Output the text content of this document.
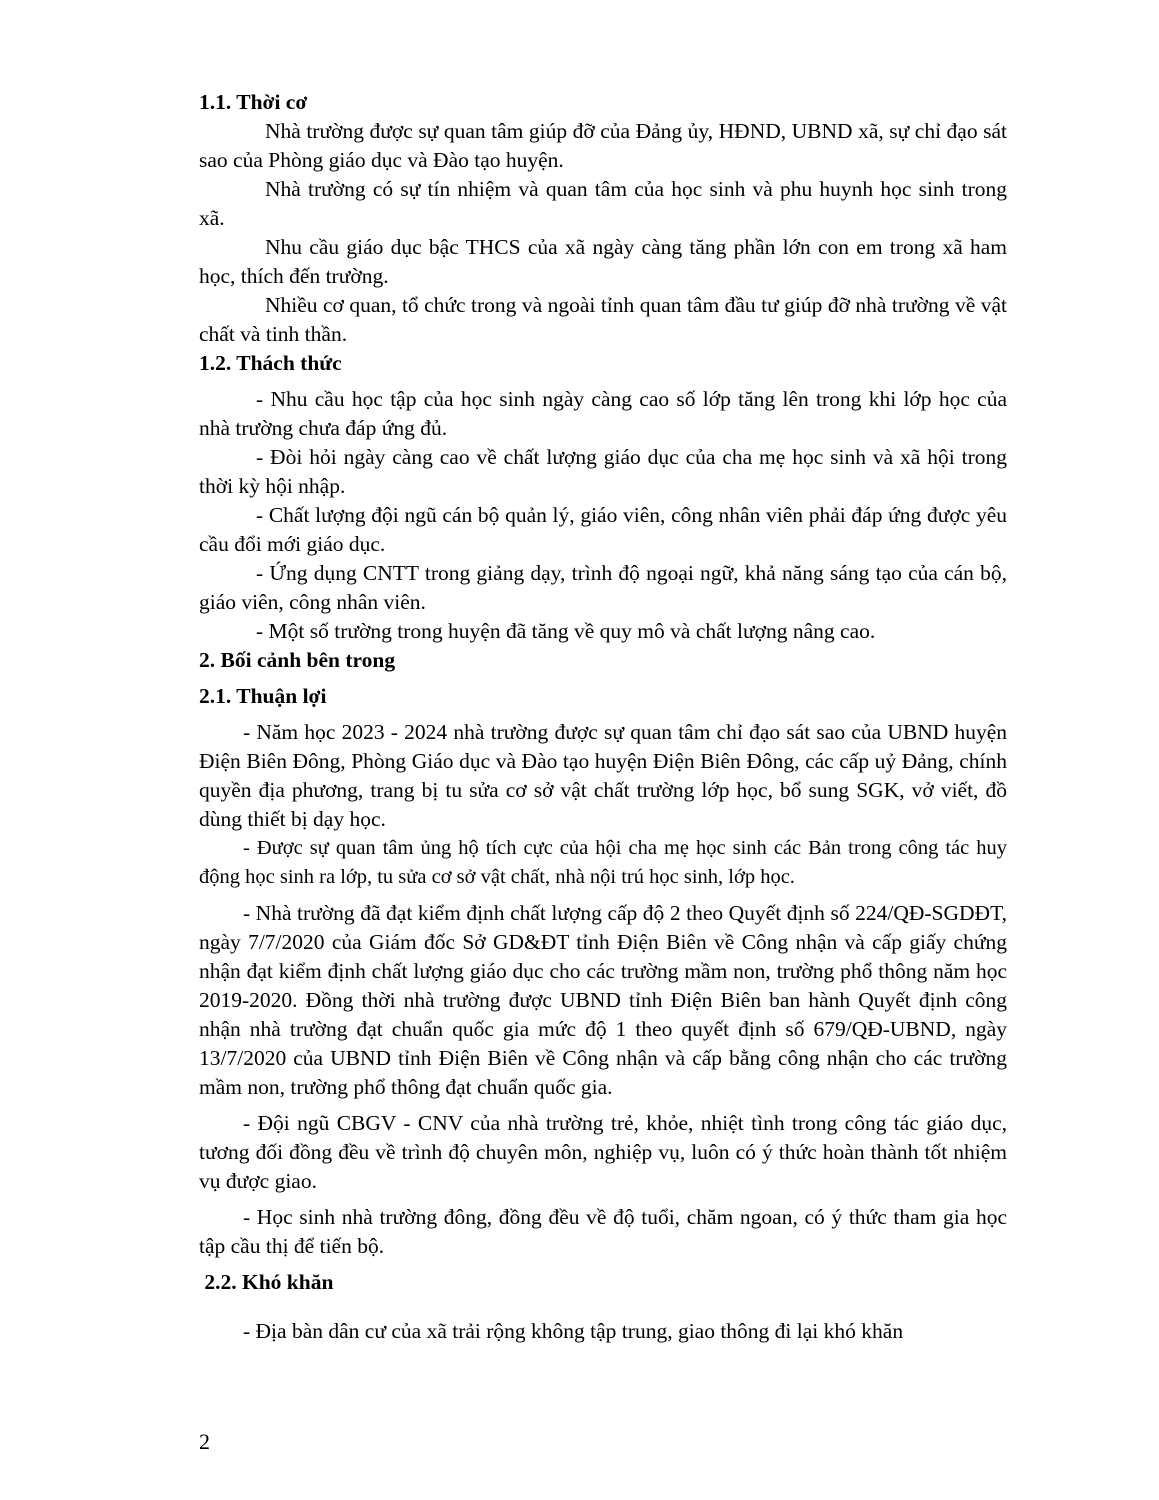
1.1. Thời cơ

Nhà trường được sự quan tâm giúp đỡ của Đảng ủy, HĐND, UBND xã, sự chỉ đạo sát sao của Phòng giáo dục và Đào tạo huyện.

Nhà trường có sự tín nhiệm và quan tâm của học sinh và phu huynh học sinh trong xã.

Nhu cầu giáo dục bậc THCS của xã ngày càng tăng phần lớn con em trong xã ham học, thích đến trường.

Nhiều cơ quan, tổ chức trong và ngoài tỉnh quan tâm đầu tư giúp đỡ nhà trường về vật chất và tinh thần.

1.2. Thách thức

- Nhu cầu học tập của học sinh ngày càng cao số lớp tăng lên trong khi lớp học của nhà trường chưa đáp ứng đủ.

- Đòi hỏi ngày càng cao về chất lượng giáo dục của cha mẹ học sinh và xã hội trong thời kỳ hội nhập.

- Chất lượng đội ngũ cán bộ quản lý, giáo viên, công nhân viên phải đáp ứng được yêu cầu đổi mới giáo dục.

- Ứng dụng CNTT trong giảng dạy, trình độ ngoại ngữ, khả năng sáng tạo của cán bộ, giáo viên, công nhân viên.

- Một số trường trong huyện đã tăng về quy mô và chất lượng nâng cao.

2. Bối cảnh bên trong
2.1. Thuận lợi

- Năm học 2023 - 2024 nhà trường được sự quan tâm chỉ đạo sát sao của UBND huyện Điện Biên Đông, Phòng Giáo dục và Đào tạo huyện Điện Biên Đông, các cấp uỷ Đảng, chính quyền địa phương, trang bị tu sửa cơ sở vật chất trường lớp học, bổ sung SGK, vở viết, đồ dùng thiết bị dạy học.

- Được sự quan tâm ủng hộ tích cực của hội cha mẹ học sinh các Bản trong công tác huy động học sinh ra lớp, tu sửa cơ sở vật chất, nhà nội trú học sinh, lớp học.

- Nhà trường đã đạt kiểm định chất lượng cấp độ 2 theo Quyết định số 224/QĐ-SGDĐT, ngày 7/7/2020 của Giám đốc Sở GD&ĐT tỉnh Điện Biên về Công nhận và cấp giấy chứng nhận đạt kiểm định chất lượng giáo dục cho các trường mầm non, trường phổ thông năm học 2019-2020. Đồng thời nhà trường được UBND tỉnh Điện Biên ban hành Quyết định công nhận nhà trường đạt chuẩn quốc gia mức độ 1 theo quyết định số 679/QĐ-UBND, ngày 13/7/2020 của UBND tỉnh Điện Biên về Công nhận và cấp bằng công nhận cho các trường mầm non, trường phổ thông đạt chuẩn quốc gia.

- Đội ngũ CBGV - CNV của nhà trường trẻ, khỏe, nhiệt tình trong công tác giáo dục, tương đối đồng đều về trình độ chuyên môn, nghiệp vụ, luôn có ý thức hoàn thành tốt nhiệm vụ được giao.

- Học sinh nhà trường đông, đồng đều về độ tuổi, chăm ngoan, có ý thức tham gia học tập cầu thị để tiến bộ.

2.2. Khó khăn

- Địa bàn dân cư của xã trải rộng không tập trung, giao thông đi lại khó khăn

2
